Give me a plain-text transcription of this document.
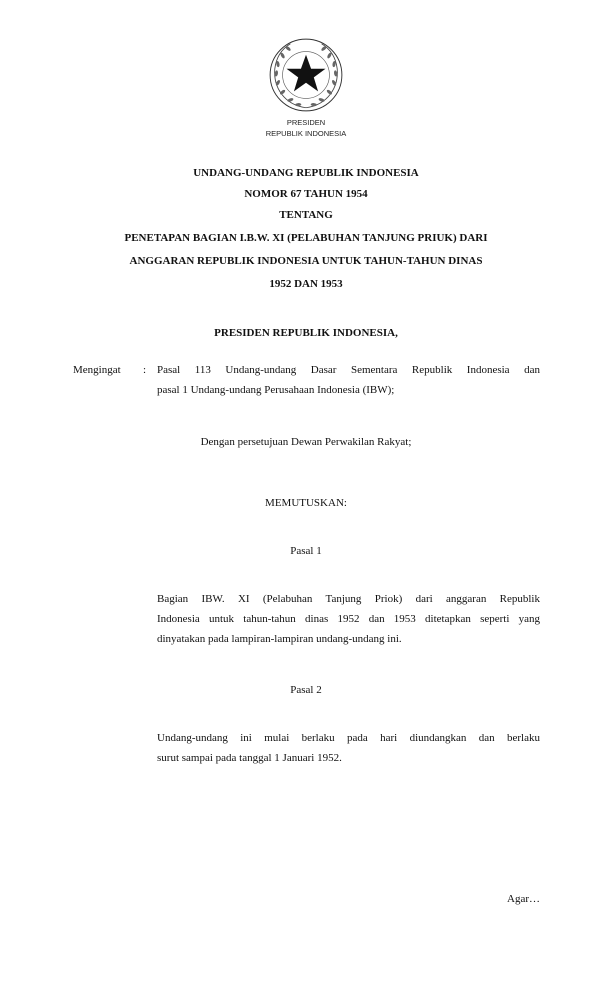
PRESIDEN
REPUBLIK INDONESIA
UNDANG-UNDANG REPUBLIK INDONESIA
NOMOR 67 TAHUN 1954
TENTANG
PENETAPAN BAGIAN I.B.W. XI (PELABUHAN TANJUNG PRIUK) DARI
ANGGARAN REPUBLIK INDONESIA UNTUK TAHUN-TAHUN DINAS
1952 DAN 1953
PRESIDEN REPUBLIK INDONESIA,
Mengingat : Pasal 113 Undang-undang Dasar Sementara Republik Indonesia dan
pasal 1 Undang-undang Perusahaan Indonesia (IBW);
Dengan persetujuan Dewan Perwakilan Rakyat;
MEMUTUSKAN:
Pasal 1
Bagian IBW. XI (Pelabuhan Tanjung Priok) dari anggaran Republik
Indonesia untuk tahun-tahun dinas 1952 dan 1953 ditetapkan seperti yang
dinyatakan pada lampiran-lampiran undang-undang ini.
Pasal 2
Undang-undang ini mulai berlaku pada hari diundangkan dan berlaku
surut sampai pada tanggal 1 Januari 1952.
Agar…
